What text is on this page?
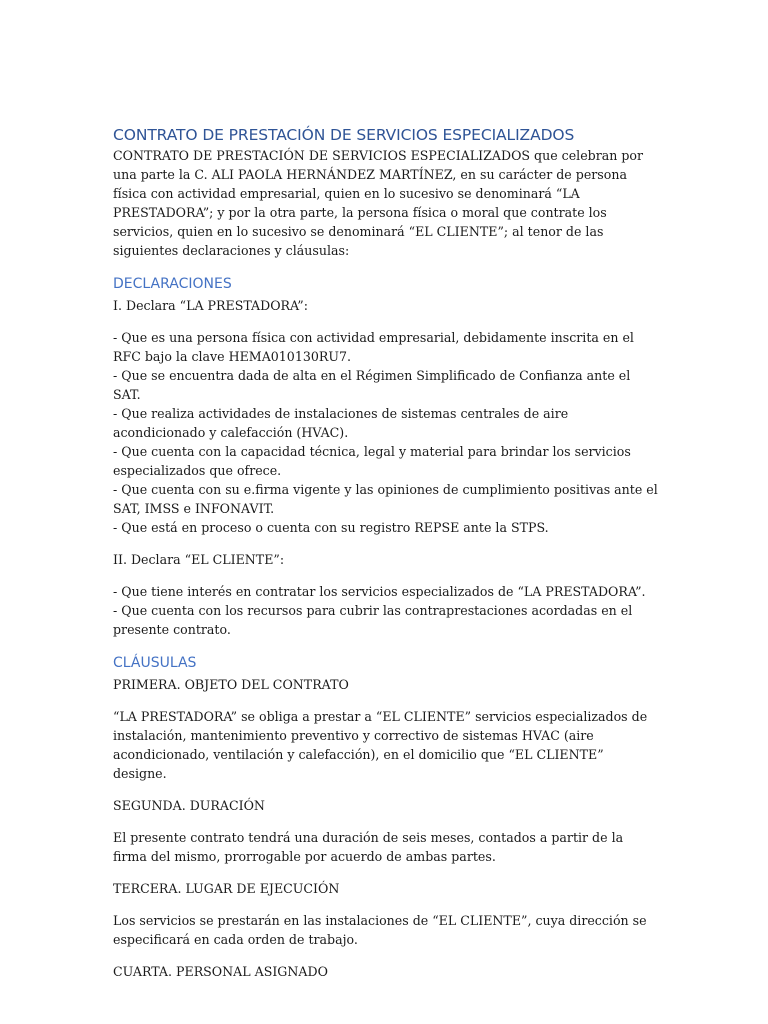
CONTRATO DE PRESTACIÓN DE SERVICIOS ESPECIALIZADOS

CONTRATO DE PRESTACIÓN DE SERVICIOS ESPECIALIZADOS que celebran por una parte la C. ALI PAOLA HERNÁNDEZ MARTÍNEZ, en su carácter de persona física con actividad empresarial, quien en lo sucesivo se denominará “LA PRESTADORA”; y por la otra parte, la persona física o moral que contrate los servicios, quien en lo sucesivo se denominará “EL CLIENTE”; al tenor de las siguientes declaraciones y cláusulas:

DECLARACIONES

I. Declara “LA PRESTADORA”:

- Que es una persona física con actividad empresarial, debidamente inscrita en el RFC bajo la clave HEMA010130RU7.
- Que se encuentra dada de alta en el Régimen Simplificado de Confianza ante el SAT.
- Que realiza actividades de instalaciones de sistemas centrales de aire acondicionado y calefacción (HVAC).
- Que cuenta con la capacidad técnica, legal y material para brindar los servicios especializados que ofrece.
- Que cuenta con su e.firma vigente y las opiniones de cumplimiento positivas ante el SAT, IMSS e INFONAVIT.
- Que está en proceso o cuenta con su registro REPSE ante la STPS.

II. Declara “EL CLIENTE”:

- Que tiene interés en contratar los servicios especializados de “LA PRESTADORA”.
- Que cuenta con los recursos para cubrir las contraprestaciones acordadas en el presente contrato.
CLÁUSULAS

PRIMERA. OBJETO DEL CONTRATO

“LA PRESTADORA” se obliga a prestar a “EL CLIENTE” servicios especializados de instalación, mantenimiento preventivo y correctivo de sistemas HVAC (aire acondicionado, ventilación y calefacción), en el domicilio que “EL CLIENTE” designe.

SEGUNDA. DURACIÓN

El presente contrato tendrá una duración de seis meses, contados a partir de la firma del mismo, prorrogable por acuerdo de ambas partes.

TERCERA. LUGAR DE EJECUCIÓN

Los servicios se prestarán en las instalaciones de “EL CLIENTE”, cuya dirección se especificará en cada orden de trabajo.

CUARTA. PERSONAL ASIGNADO
